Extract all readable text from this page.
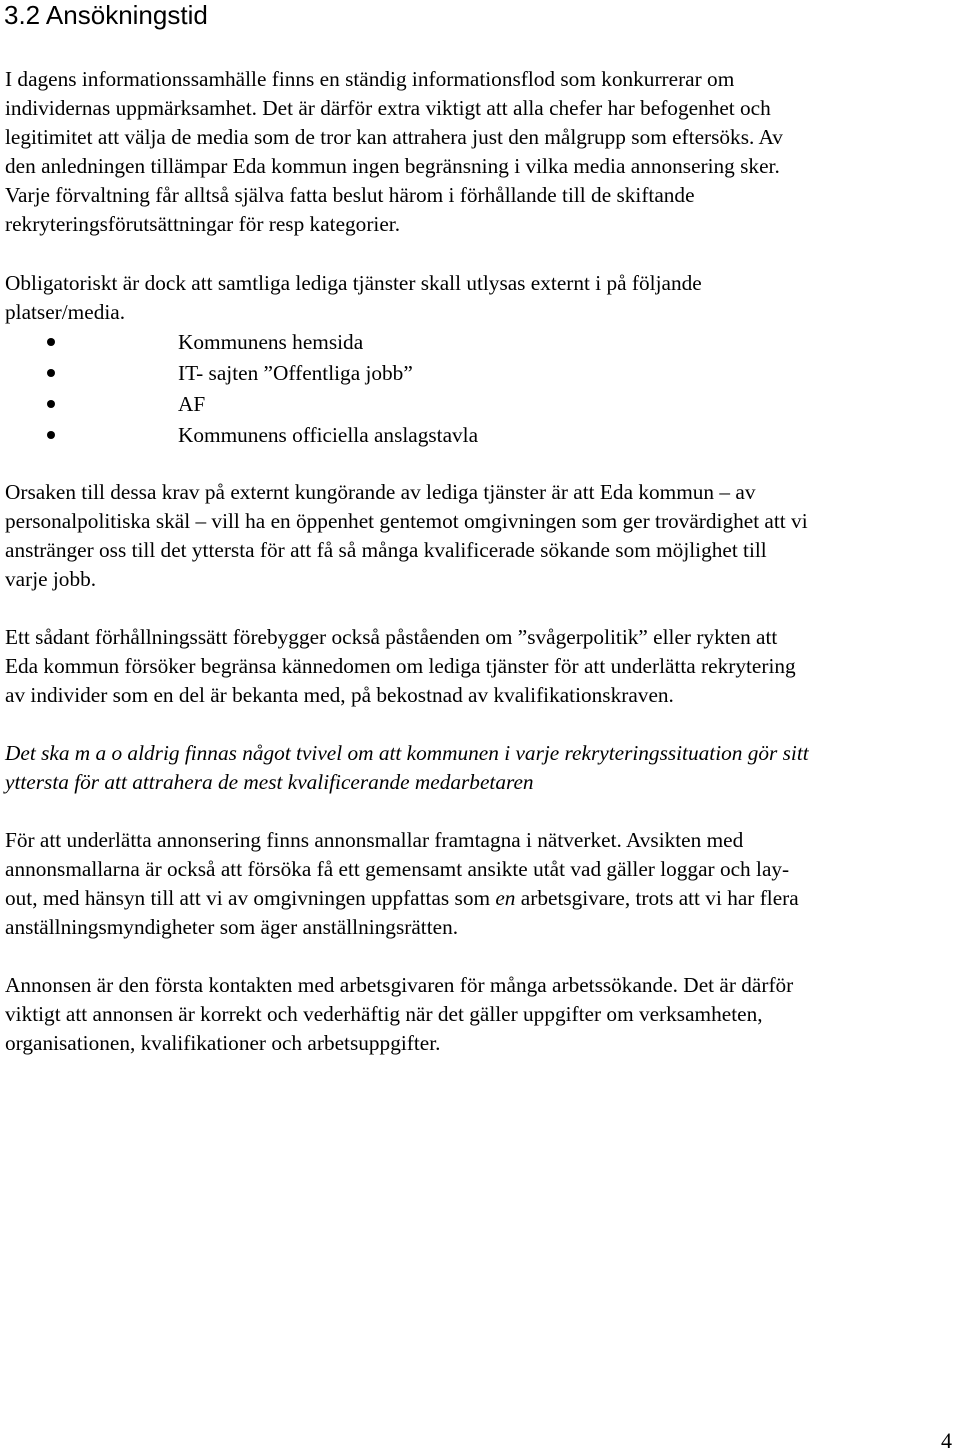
3.2 Ansökningstid

I dagens informationssamhälle finns en ständig informationsflod som konkurrerar om
individernas uppmärksamhet. Det är därför extra viktigt att alla chefer har befogenhet och
legitimitet att välja de media som de tror kan attrahera just den målgrupp som eftersöks. Av
den anledningen tillämpar Eda kommun ingen begränsning i vilka media annonsering sker.
Varje förvaltning får alltså själva fatta beslut härom i förhållande till de skiftande
rekryteringsförutsättningar för resp kategorier.

Obligatoriskt är dock att samtliga lediga tjänster skall utlysas externt i på följande
platser/media.

Kommunens hemsida
IT- sajten ”Offentliga jobb”
AF
Kommunens officiella anslagstavla

Orsaken till dessa krav på externt kungörande av lediga tjänster är att Eda kommun – av
personalpolitiska skäl – vill ha en öppenhet gentemot omgivningen som ger trovärdighet att vi
anstränger oss till det yttersta för att få så många kvalificerade sökande som möjlighet till
varje jobb.

Ett sådant förhållningssätt förebygger också påståenden om ”svågerpolitik” eller rykten att
Eda kommun försöker begränsa kännedomen om lediga tjänster för att underlätta rekrytering
av individer som en del är bekanta med, på bekostnad av kvalifikationskraven.

Det ska m a o aldrig finnas något tvivel om att kommunen i varje rekryteringssituation gör sitt
yttersta för att attrahera de mest kvalificerande medarbetaren

För att underlätta annonsering finns annonsmallar framtagna i nätverket. Avsikten med
annonsmallarna är också att försöka få ett gemensamt ansikte utåt vad gäller loggar och lay-
out, med hänsyn till att vi av omgivningen uppfattas som en arbetsgivare, trots att vi har flera
anställningsmyndigheter som äger anställningsrätten.

Annonsen är den första kontakten med arbetsgivaren för många arbetssökande. Det är därför
viktigt att annonsen är korrekt och vederhäftig när det gäller uppgifter om verksamheten,
organisationen, kvalifikationer och arbetsuppgifter.

4
